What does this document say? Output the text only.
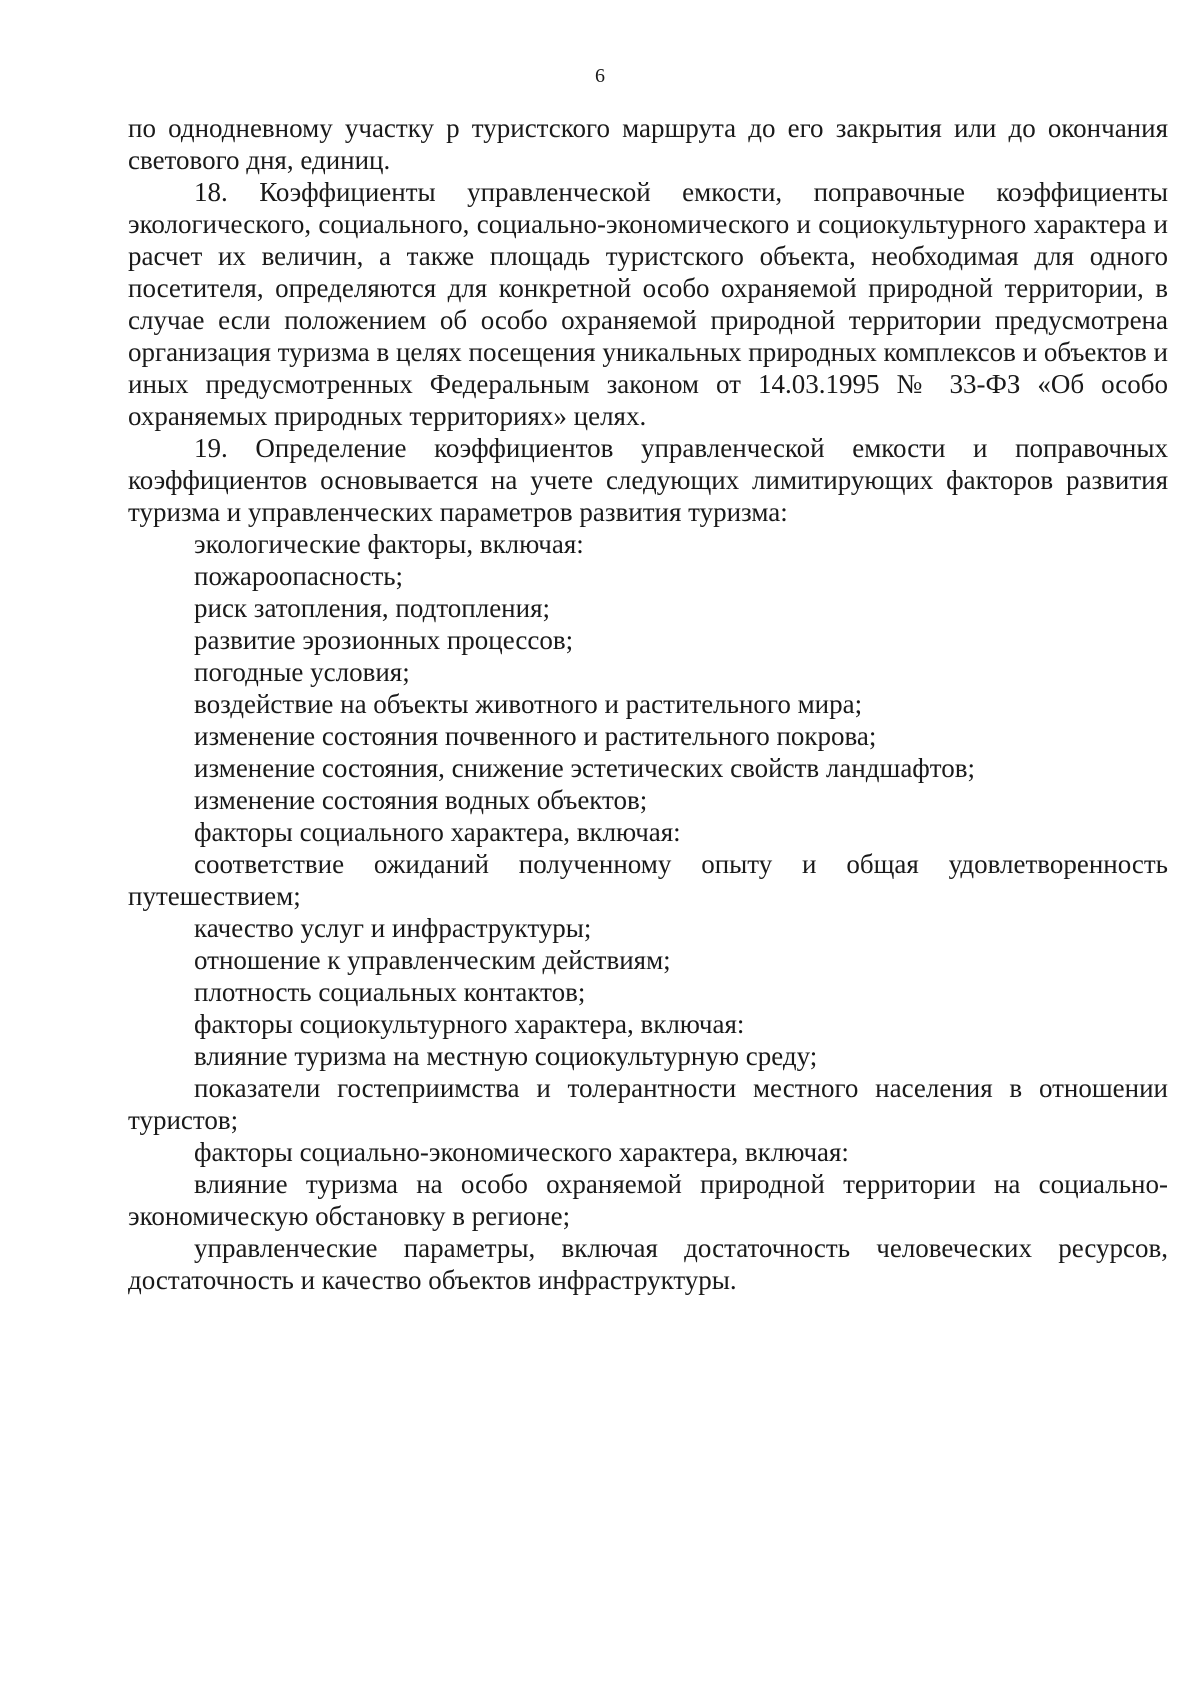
6

по однодневному участку p туристского маршрута до его закрытия или до окончания светового дня, единиц.

18. Коэффициенты управленческой емкости, поправочные коэффициенты экологического, социального, социально-экономического и социокультурного характера и расчет их величин, а также площадь туристского объекта, необходимая для одного посетителя, определяются для конкретной особо охраняемой природной территории, в случае если положением об особо охраняемой природной территории предусмотрена организация туризма в целях посещения уникальных природных комплексов и объектов и иных предусмотренных Федеральным законом от 14.03.1995 № 33-ФЗ «Об особо охраняемых природных территориях» целях.

19. Определение коэффициентов управленческой емкости и поправочных коэффициентов основывается на учете следующих лимитирующих факторов развития туризма и управленческих параметров развития туризма:

экологические факторы, включая:

пожароопасность;

риск затопления, подтопления;

развитие эрозионных процессов;

погодные условия;

воздействие на объекты животного и растительного мира;

изменение состояния почвенного и растительного покрова;

изменение состояния, снижение эстетических свойств ландшафтов;

изменение состояния водных объектов;

факторы социального характера, включая:

соответствие ожиданий полученному опыту и общая удовлетворенность путешествием;

качество услуг и инфраструктуры;

отношение к управленческим действиям;

плотность социальных контактов;

факторы социокультурного характера, включая:

влияние туризма на местную социокультурную среду;

показатели гостеприимства и толерантности местного населения в отношении туристов;

факторы социально-экономического характера, включая:

влияние туризма на особо охраняемой природной территории на социально-экономическую обстановку в регионе;

управленческие параметры, включая достаточность человеческих ресурсов, достаточность и качество объектов инфраструктуры.
